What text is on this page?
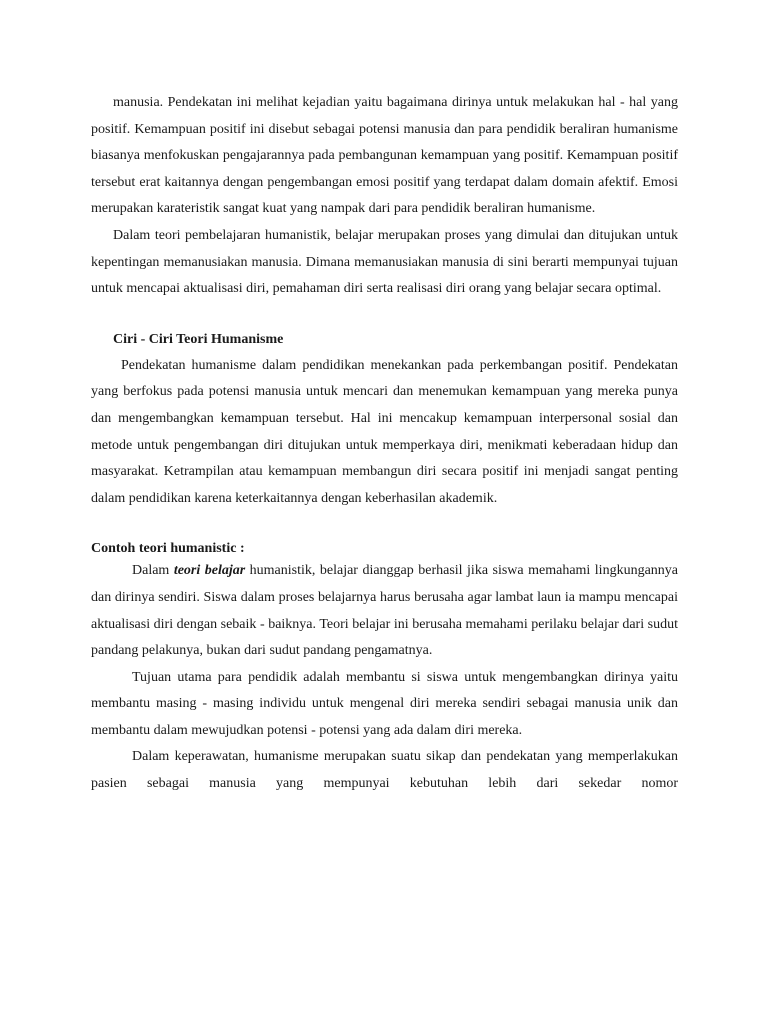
manusia. Pendekatan ini melihat kejadian yaitu bagaimana dirinya untuk melakukan hal - hal yang positif. Kemampuan positif ini disebut sebagai potensi manusia dan para pendidik beraliran humanisme biasanya menfokuskan pengajarannya pada pembangunan kemampuan yang positif. Kemampuan positif tersebut erat kaitannya dengan pengembangan emosi positif yang terdapat dalam domain afektif. Emosi merupakan karateristik sangat kuat yang nampak dari para pendidik beraliran humanisme.

Dalam teori pembelajaran humanistik, belajar merupakan proses yang dimulai dan ditujukan untuk kepentingan memanusiakan manusia. Dimana memanusiakan manusia di sini berarti mempunyai tujuan untuk mencapai aktualisasi diri, pemahaman diri serta realisasi diri orang yang belajar secara optimal.

Ciri - Ciri Teori Humanisme

Pendekatan humanisme dalam pendidikan menekankan pada perkembangan positif. Pendekatan yang berfokus pada potensi manusia untuk mencari dan menemukan kemampuan yang mereka punya dan mengembangkan kemampuan tersebut. Hal ini mencakup kemampuan interpersonal sosial dan metode untuk pengembangan diri ditujukan untuk memperkaya diri, menikmati keberadaan hidup dan masyarakat. Ketrampilan atau kemampuan membangun diri secara positif ini menjadi sangat penting dalam pendidikan karena keterkaitannya dengan keberhasilan akademik.

Contoh teori humanistic :

Dalam teori belajar humanistik, belajar dianggap berhasil jika siswa memahami lingkungannya dan dirinya sendiri. Siswa dalam proses belajarnya harus berusaha agar lambat laun ia mampu mencapai aktualisasi diri dengan sebaik - baiknya. Teori belajar ini berusaha memahami perilaku belajar dari sudut pandang pelakunya, bukan dari sudut pandang pengamatnya.

Tujuan utama para pendidik adalah membantu si siswa untuk mengembangkan dirinya yaitu membantu masing - masing individu untuk mengenal diri mereka sendiri sebagai manusia unik dan membantu dalam mewujudkan potensi - potensi yang ada dalam diri mereka.

Dalam keperawatan, humanisme merupakan suatu sikap dan pendekatan yang memperlakukan pasien sebagai manusia yang mempunyai kebutuhan lebih dari sekedar nomor
